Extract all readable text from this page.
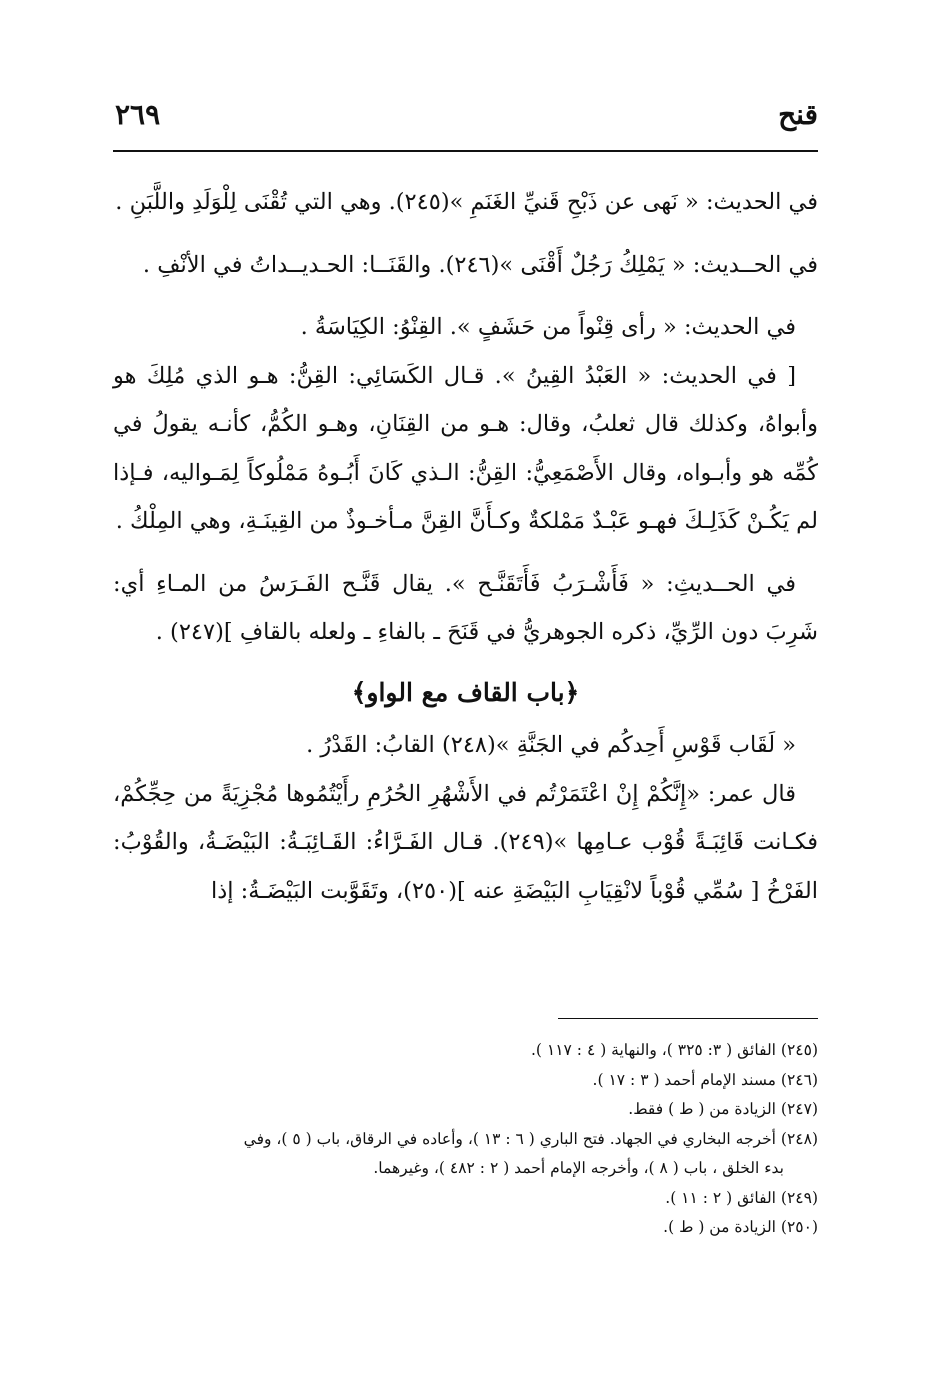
قنح
٢٦٩

في الحديث: « نَهى عن ذَبْحِ قَنيِّ الغَنَمِ »(٢٤٥). وهي التي تُقْنَى لِلْوَلَدِ واللَّبَنِ .

في الحــديث: « يَمْلِكُ رَجُلٌ أَقْنَى »(٢٤٦). والقَنَــا: الحـديــداتُ في الأنْفِ .

في الحديث: « رأى قِنْواً من حَشَفٍ ». القِنْوُ: الكِيَاسَةُ .

[ في الحديث: « العَبْدُ القِينُ ». قـال الكَسَائِي: القِنُّ: هـو الذي مُلِكَ هو وأبواهُ، وكذلك قال ثعلبُ، وقال: هـو من القِنَانِ، وهـو الكُمُّ، كأنـه يقولُ في كُمِّه هو وأبـواه، وقال الأَصْمَعِيُّ: القِنُّ: الـذي كَانَ أَبُـوهُ مَمْلُوكاً لِمَـواليه، فـإذا لم يَكُـنْ كَذَلِـكَ فهـو عَبْـدٌ مَمْلكةٌ وكـأَنَّ القِنَّ مـأخـوذٌ من القِينَـةِ، وهي المِلْكُ .

في الحــديثِ: « فَأَشْـرَبُ فَأَتَقَنَّـح ». يقال قَنَّـح الفَـرَسُ من المـاءِ أي: شَرِبَ دون الرِّيِّ، ذكره الجوهريُّ في قَنَحَ ـ بالفاءِ ـ ولعله بالقافِ ](٢٤٧) .

﴿باب القاف مع الواو﴾

« لَقَاب قَوْسِ أَحِدكُم في الجَنَّةِ »(٢٤٨) القابُ: القَدْرُ .

قال عمر: «إِنَّكُمْ إِنْ اعْتَمَرْتُم في الأَشْهُرِ الحُرُمِ رأَيْتُمُوها مُجْزِيَةً من حِجِّكُمْ، فكـانت قَائِبَـةً قُوْب عـامِها »(٢٤٩). قـال الفَـرَّاءُ: القَـائِبَـةُ: البَيْضَـةُ، والقُوْبُ: الفَرْخُ [ سُمِّي قُوْباً لانْقِيَابِ البَيْضَةِ عنه ](٢٥٠)، وتَقَوَّبت البَيْضَـةُ: إذا

(٢٤٥) الفائق ( ٣: ٣٢٥ )، والنهاية ( ٤ : ١١٧ ).

(٢٤٦) مسند الإمام أحمد ( ٣ : ١٧ ).

(٢٤٧) الزيادة من ( ط ) فقط.

(٢٤٨) أخرجه البخاري في الجهاد. فتح الباري ( ٦ : ١٣ )، وأعاده في الرقاق، باب ( ٥ )، وفي

بدء الخلق ، باب ( ٨ )، وأخرجه الإمام أحمد ( ٢ : ٤٨٢ )، وغيرهما.

(٢٤٩) الفائق ( ٢ : ١١ ).

(٢٥٠) الزيادة من ( ط ).
